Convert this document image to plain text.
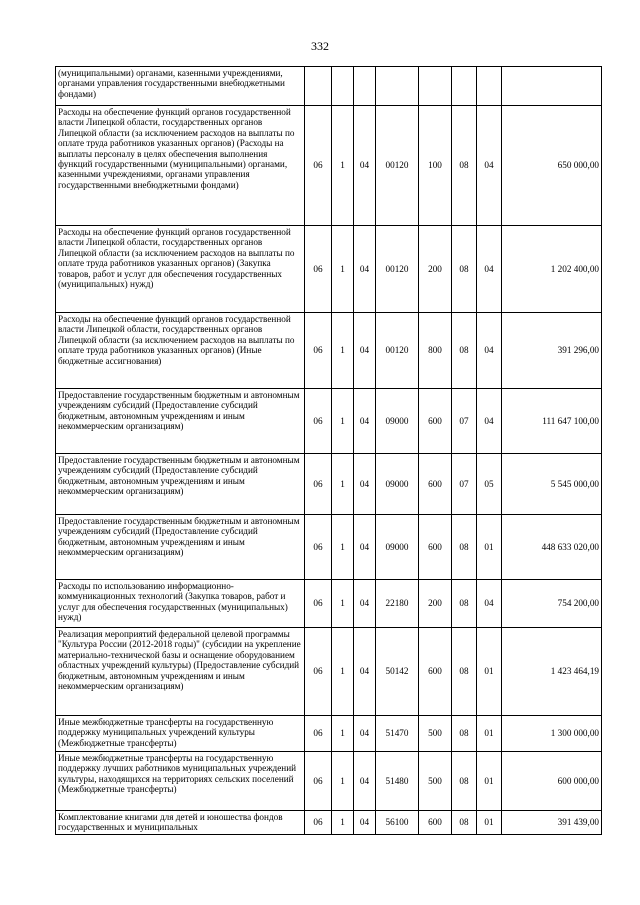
332
(муниципальными) органами, казенными учреждениями, органами управления государственными внебюджетными фондами)								
Расходы на обеспечение функций органов государственной власти Липецкой области, государственных органов Липецкой области (за исключением расходов на выплаты по оплате труда работников указанных органов) (Расходы на выплаты персоналу в целях обеспечения выполнения функций государственными (муниципальными) органами, казенными учреждениями, органами управления государственными внебюджетными фондами)	06	1	04	00120	100	08	04	650 000,00
Расходы на обеспечение функций органов государственной власти Липецкой области, государственных органов Липецкой области (за исключением расходов на выплаты по оплате труда работников указанных органов) (Закупка товаров, работ и услуг для обеспечения государственных (муниципальных) нужд)	06	1	04	00120	200	08	04	1 202 400,00
Расходы на обеспечение функций органов государственной власти Липецкой области, государственных органов Липецкой области (за исключением расходов на выплаты по оплате труда работников указанных органов) (Иные бюджетные ассигнования)	06	1	04	00120	800	08	04	391 296,00
Предоставление государственным бюджетным и автономным учреждениям субсидий (Предоставление субсидий бюджетным, автономным учреждениям и иным некоммерческим организациям)	06	1	04	09000	600	07	04	111 647 100,00
Предоставление государственным бюджетным и автономным учреждениям субсидий (Предоставление субсидий бюджетным, автономным учреждениям и иным некоммерческим организациям)	06	1	04	09000	600	07	05	5 545 000,00
Предоставление государственным бюджетным и автономным учреждениям субсидий (Предоставление субсидий бюджетным, автономным учреждениям и иным некоммерческим организациям)	06	1	04	09000	600	08	01	448 633 020,00
Расходы по использованию информационно-коммуникационных технологий (Закупка товаров, работ и услуг для обеспечения государственных (муниципальных) нужд)	06	1	04	22180	200	08	04	754 200,00
Реализация мероприятий федеральной целевой программы "Культура России (2012-2018 годы)" (субсидии на укрепление материально-технической базы и оснащение оборудованием областных учреждений культуры) (Предоставление субсидий бюджетным, автономным учреждениям и иным некоммерческим организациям)	06	1	04	50142	600	08	01	1 423 464,19
Иные межбюджетные трансферты на государственную поддержку муниципальных учреждений культуры (Межбюджетные трансферты)	06	1	04	51470	500	08	01	1 300 000,00
Иные межбюджетные трансферты на государственную поддержку лучших работников муниципальных учреждений культуры, находящихся на территориях сельских поселений (Межбюджетные трансферты)	06	1	04	51480	500	08	01	600 000,00
Комплектование книгами для детей и юношества фондов государственных и муниципальных	06	1	04	56100	600	08	01	391 439,00
